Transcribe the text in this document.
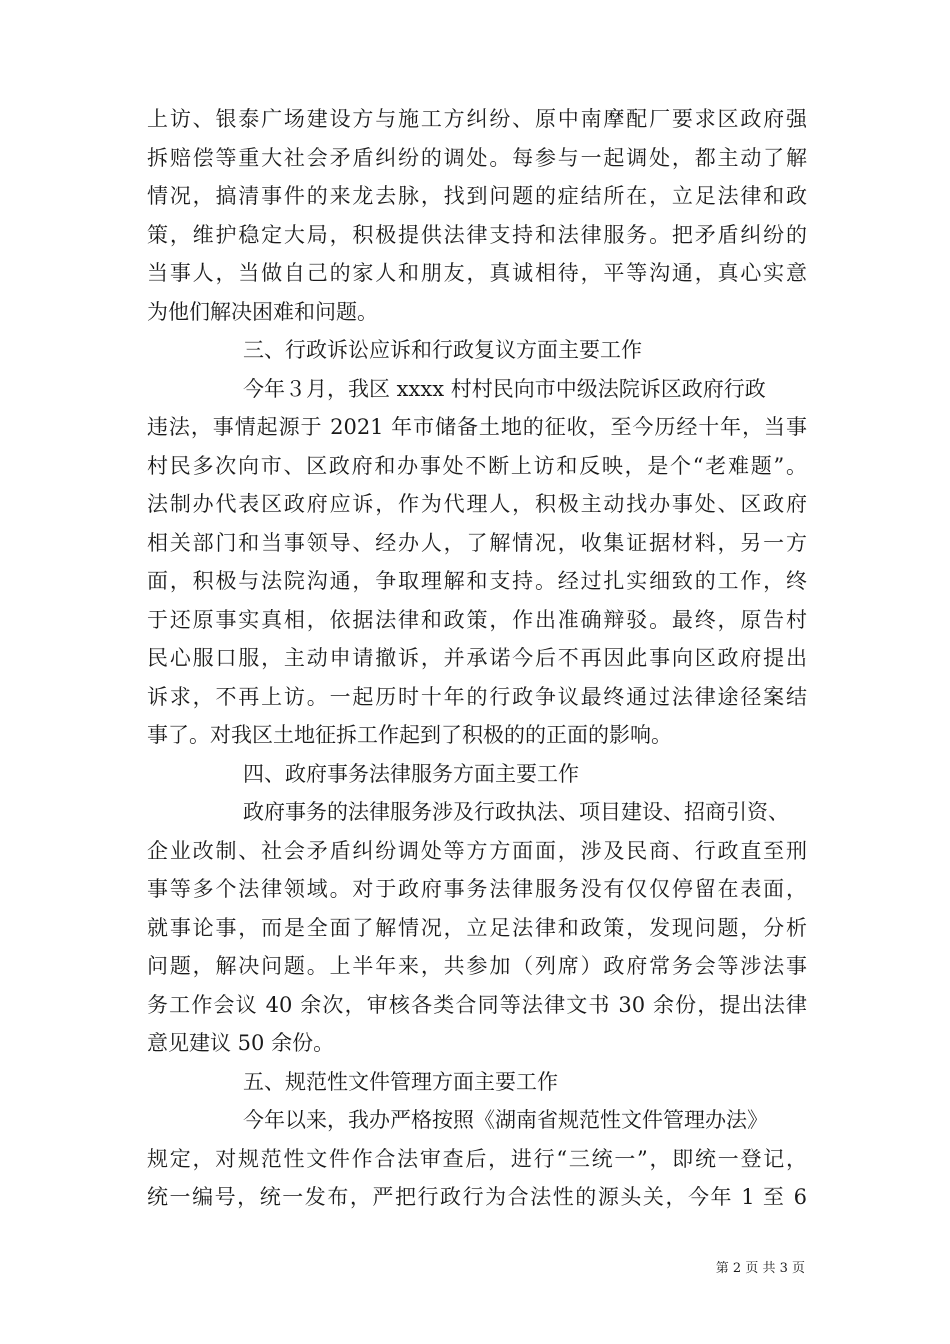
上访、银泰广场建设方与施工方纠纷、原中南摩配厂要求区政府强
拆赔偿等重大社会矛盾纠纷的调处。每参与一起调处，都主动了解
情况，搞清事件的来龙去脉，找到问题的症结所在，立足法律和政
策，维护稳定大局，积极提供法律支持和法律服务。把矛盾纠纷的
当事人，当做自己的家人和朋友，真诚相待，平等沟通，真心实意
为他们解决困难和问题。
三、行政诉讼应诉和行政复议方面主要工作
今年３月，我区 xxxx 村村民向市中级法院诉区政府行政
违法，事情起源于 2021 年市储备土地的征收，至今历经十年，当事
村民多次向市、区政府和办事处不断上访和反映，是个“老难题”。
法制办代表区政府应诉，作为代理人，积极主动找办事处、区政府
相关部门和当事领导、经办人，了解情况，收集证据材料，另一方
面，积极与法院沟通，争取理解和支持。经过扎实细致的工作，终
于还原事实真相，依据法律和政策，作出准确辩驳。最终，原告村
民心服口服，主动申请撤诉，并承诺今后不再因此事向区政府提出
诉求，不再上访。一起历时十年的行政争议最终通过法律途径案结
事了。对我区土地征拆工作起到了积极的的正面的影响。
四、政府事务法律服务方面主要工作
政府事务的法律服务涉及行政执法、项目建设、招商引资、
企业改制、社会矛盾纠纷调处等方方面面，涉及民商、行政直至刑
事等多个法律领域。对于政府事务法律服务没有仅仅停留在表面，
就事论事，而是全面了解情况，立足法律和政策，发现问题，分析
问题，解决问题。上半年来，共参加（列席）政府常务会等涉法事
务工作会议 40 余次，审核各类合同等法律文书 30 余份，提出法律
意见建议 50 余份。
五、规范性文件管理方面主要工作
今年以来，我办严格按照《湖南省规范性文件管理办法》
规定，对规范性文件作合法审查后，进行“三统一”，即统一登记，
统一编号，统一发布，严把行政行为合法性的源头关，今年 1 至 6
第 2 页 共 3 页
